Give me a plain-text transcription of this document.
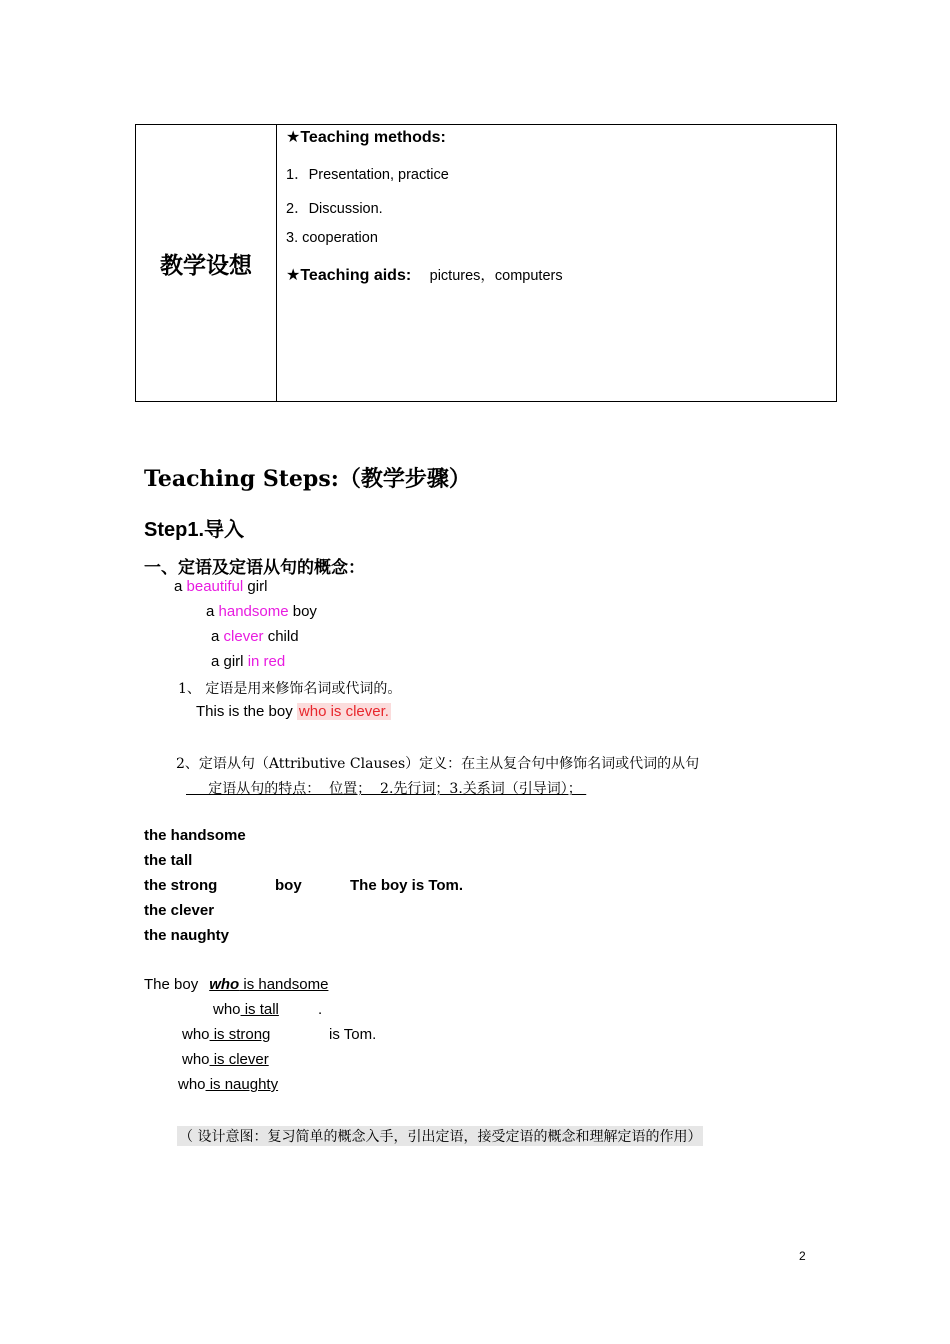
教学设想
★Teaching methods:
1．Presentation, practice
2．Discussion.
3. cooperation
★Teaching aids: pictures，computers
Teaching Steps:（教学步骤）
Step1.导入
一、定语及定语从句的概念：
a beautiful girl
a handsome boy
a clever child
a girl in red
1、 定语是用来修饰名词或代词的。
This is the boy who is clever.
2、定语从句（Attributive Clauses）定义：在主从复合句中修饰名词或代词的从句
定语从句的特点：  位置；  2.先行词；3.关系词（引导词）；
the handsome
the tall
the strong	boy	The boy is Tom.
the clever
the naughty
The boy who is handsome
who is tall	.
who is strong	is Tom.
who is clever
who is naughty
（ 设计意图：复习简单的概念入手，引出定语，接受定语的概念和理解定语的作用）
2
